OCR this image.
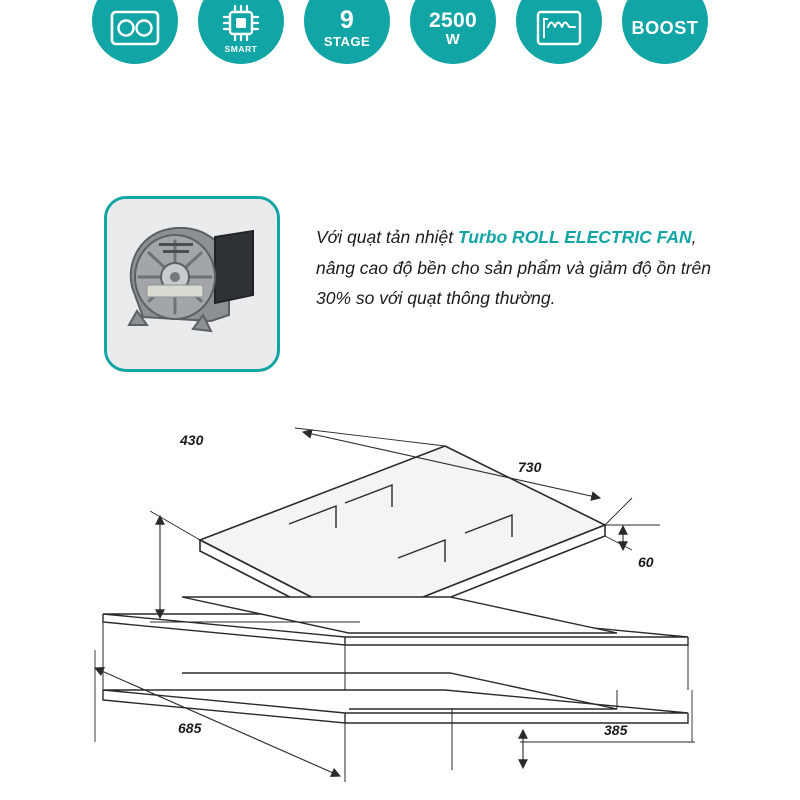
SMART
9
STAGE
2500
W
BOOST
Với quạt tản nhiệt Turbo ROLL ELECTRIC FAN, nâng cao độ bền cho sản phẩm và giảm độ ồn trên 30% so với quạt thông thường.
430
730
60
685	385
